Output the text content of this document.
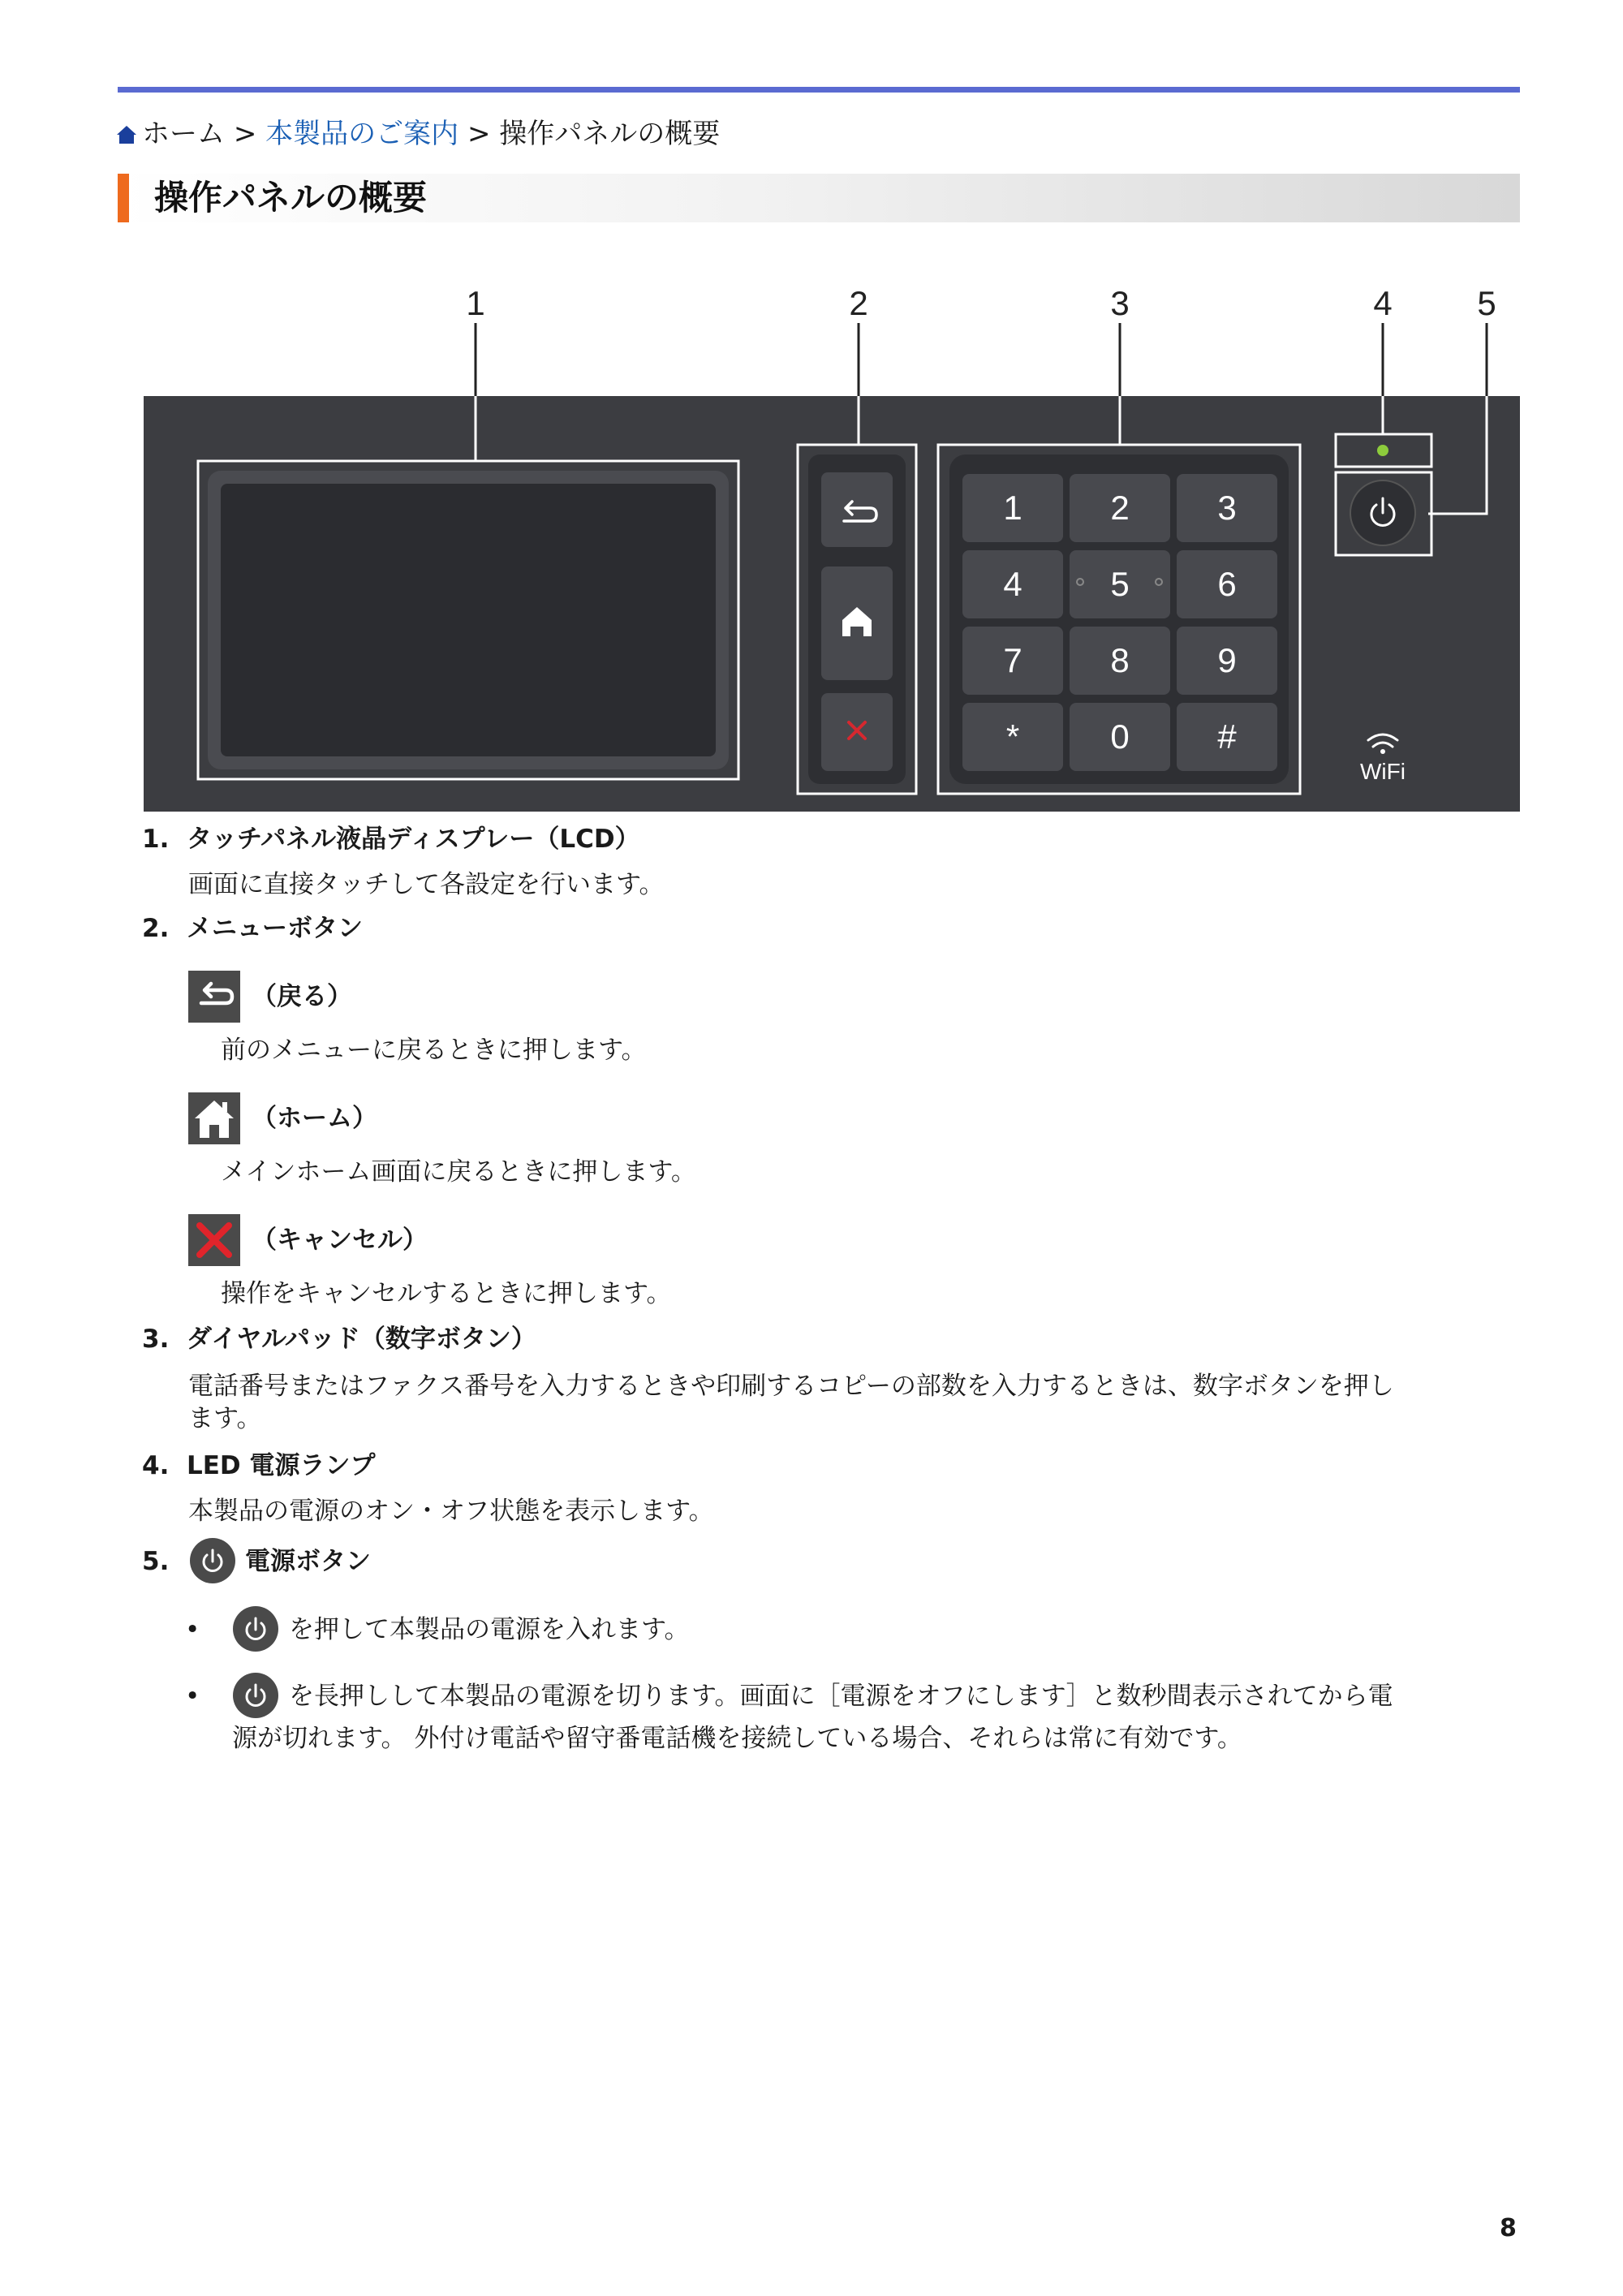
ホーム > 本製品のご案内 > 操作パネルの概要
操作パネルの概要
1	2	3	4 5
1	2	3
4	5	6
7	8	9
*	0	#
WiFi
1. タッチパネル液晶ディスプレー（LCD）
画面に直接タッチして各設定を行います。
2. メニューボタン
（戻る）
前のメニューに戻るときに押します。
（ホーム）
メインホーム画面に戻るときに押します。
（キャンセル）
操作をキャンセルするときに押します。
3. ダイヤルパッド（数字ボタン）
電話番号またはファクス番号を入力するときや印刷するコピーの部数を入力するときは、数字ボタンを押し
ます。
4. LED 電源ランプ
本製品の電源のオン・オフ状態を表示します。
5.	電源ボタン
•	を押して本製品の電源を入れます。
•	を長押しして本製品の電源を切ります。画面に［電源をオフにします］と数秒間表示されてから電
源が切れます。 外付け電話や留守番電話機を接続している場合、それらは常に有効です。
8
